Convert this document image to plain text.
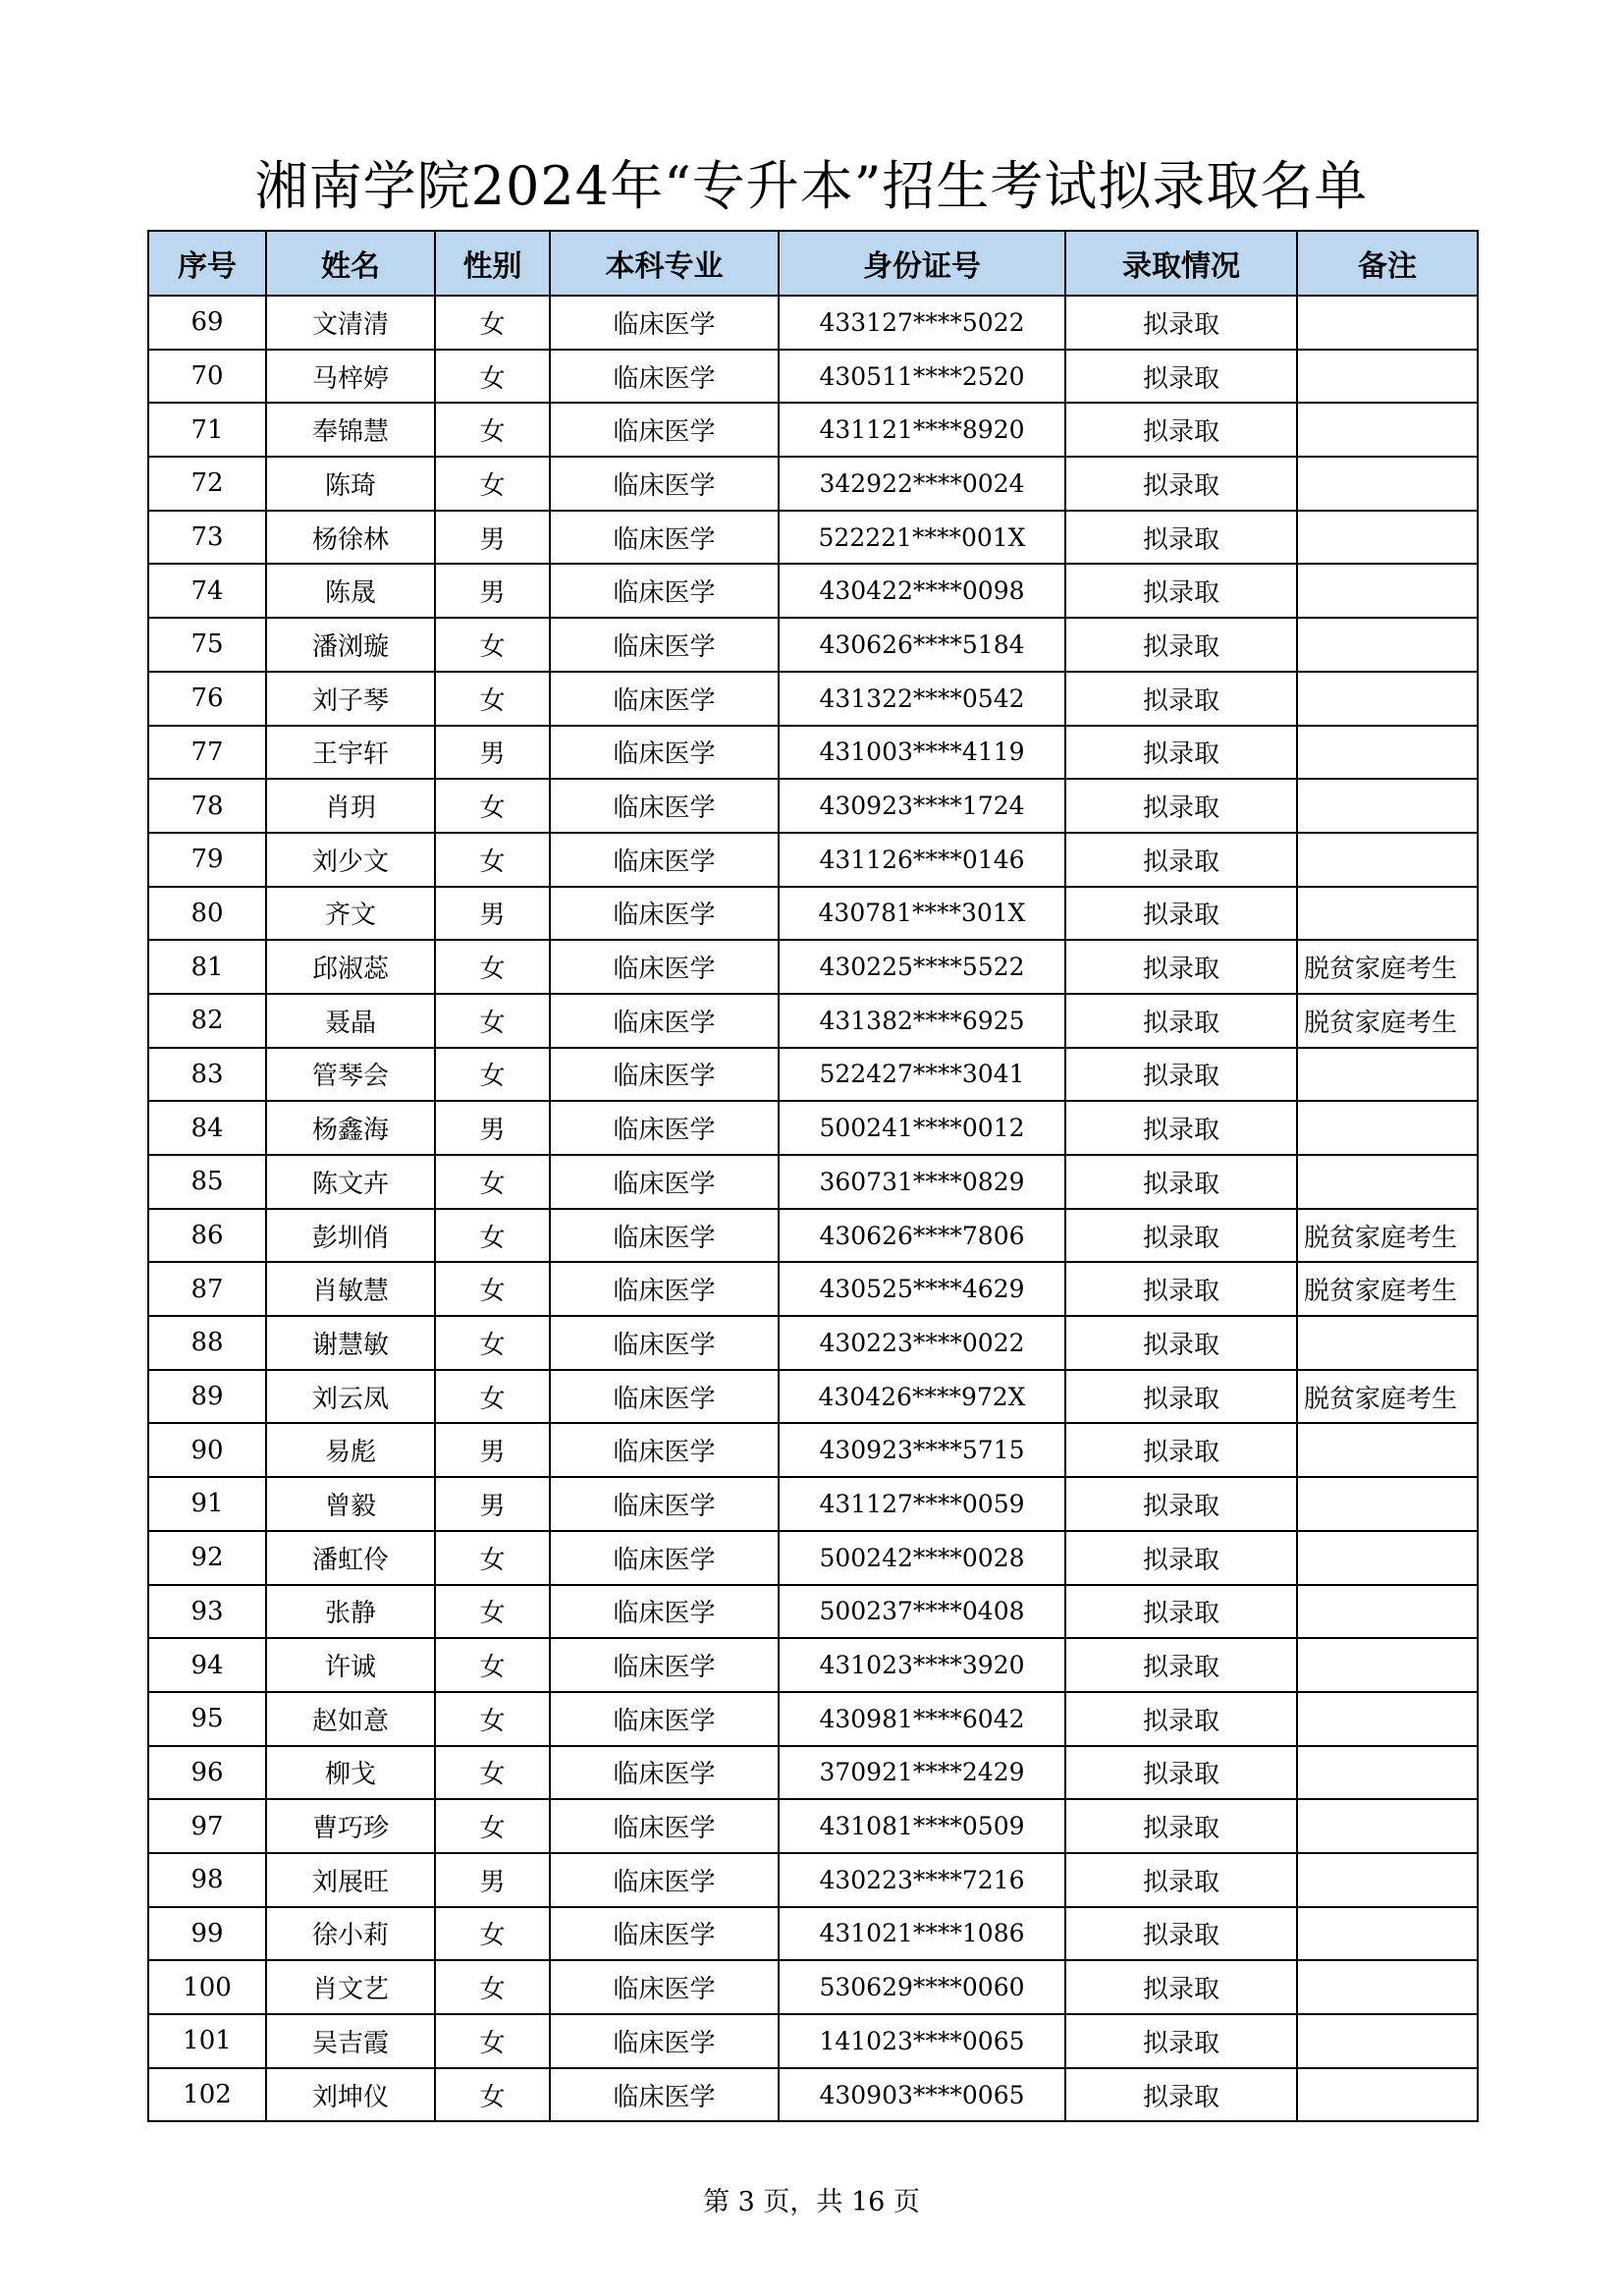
湘南学院2024年“专升本”招生考试拟录取名单
序号	姓名	性别	本科专业	身份证号	录取情况	备注
69	文清清	女	临床医学	433127****5022	拟录取	
70	马梓婷	女	临床医学	430511****2520	拟录取	
71	奉锦慧	女	临床医学	431121****8920	拟录取	
72	陈琦	女	临床医学	342922****0024	拟录取	
73	杨徐林	男	临床医学	522221****001X	拟录取	
74	陈晟	男	临床医学	430422****0098	拟录取	
75	潘浏璇	女	临床医学	430626****5184	拟录取	
76	刘子琴	女	临床医学	431322****0542	拟录取	
77	王宇轩	男	临床医学	431003****4119	拟录取	
78	肖玥	女	临床医学	430923****1724	拟录取	
79	刘少文	女	临床医学	431126****0146	拟录取	
80	齐文	男	临床医学	430781****301X	拟录取	
81	邱淑蕊	女	临床医学	430225****5522	拟录取	脱贫家庭考生
82	聂晶	女	临床医学	431382****6925	拟录取	脱贫家庭考生
83	管琴会	女	临床医学	522427****3041	拟录取	
84	杨鑫海	男	临床医学	500241****0012	拟录取	
85	陈文卉	女	临床医学	360731****0829	拟录取	
86	彭圳俏	女	临床医学	430626****7806	拟录取	脱贫家庭考生
87	肖敏慧	女	临床医学	430525****4629	拟录取	脱贫家庭考生
88	谢慧敏	女	临床医学	430223****0022	拟录取	
89	刘云凤	女	临床医学	430426****972X	拟录取	脱贫家庭考生
90	易彪	男	临床医学	430923****5715	拟录取	
91	曾毅	男	临床医学	431127****0059	拟录取	
92	潘虹伶	女	临床医学	500242****0028	拟录取	
93	张静	女	临床医学	500237****0408	拟录取	
94	许诚	女	临床医学	431023****3920	拟录取	
95	赵如意	女	临床医学	430981****6042	拟录取	
96	柳戈	女	临床医学	370921****2429	拟录取	
97	曹巧珍	女	临床医学	431081****0509	拟录取	
98	刘展旺	男	临床医学	430223****7216	拟录取	
99	徐小莉	女	临床医学	431021****1086	拟录取	
100	肖文艺	女	临床医学	530629****0060	拟录取	
101	吴吉霞	女	临床医学	141023****0065	拟录取	
102	刘坤仪	女	临床医学	430903****0065	拟录取	
第 3 页，共 16 页
